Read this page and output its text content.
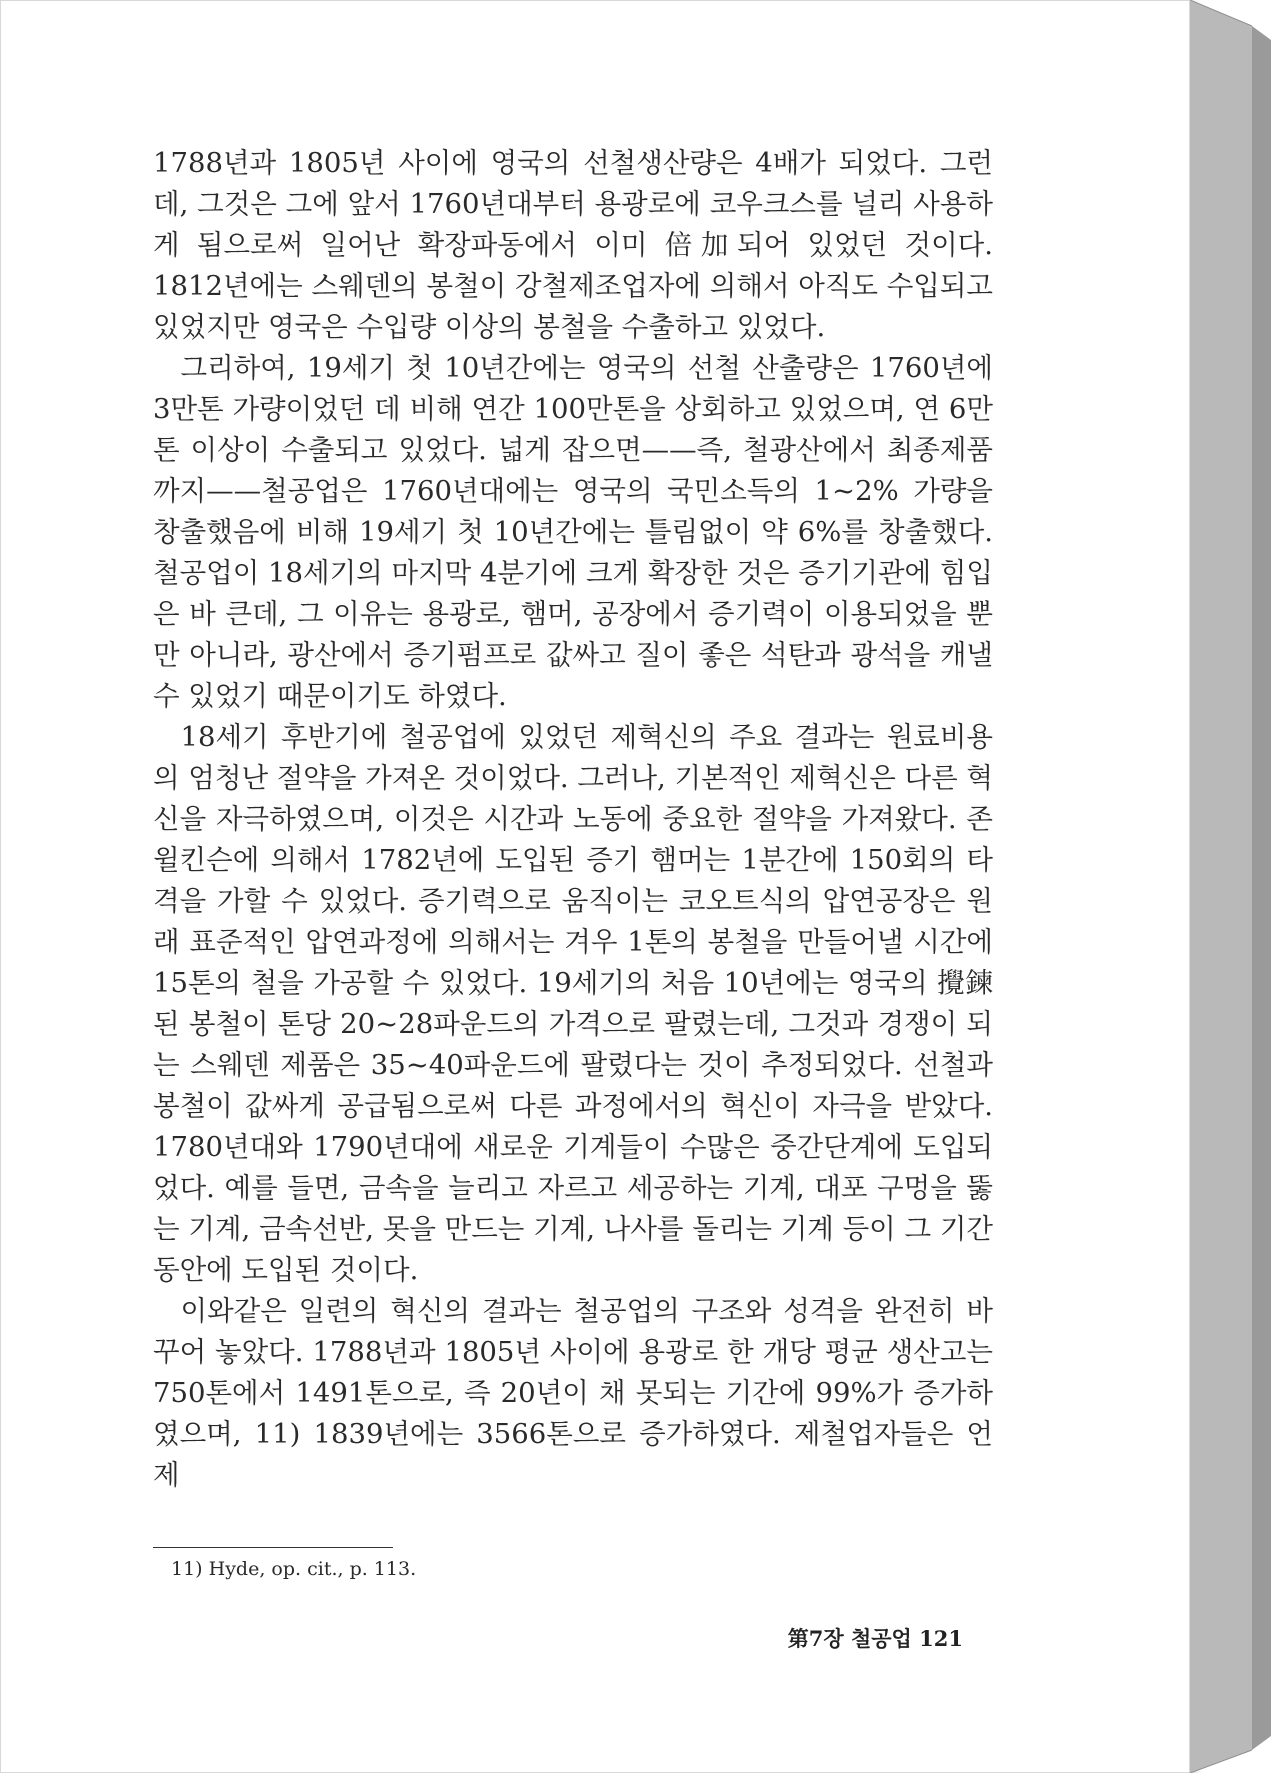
1788년과 1805년 사이에 영국의 선철생산량은 4배가 되었다. 그런데, 그것은 그에 앞서 1760년대부터 용광로에 코우크스를 널리 사용하게 됨으로써 일어난 확장파동에서 이미 倍加되어 있었던 것이다. 1812년에는 스웨덴의 봉철이 강철제조업자에 의해서 아직도 수입되고 있었지만 영국은 수입량 이상의 봉철을 수출하고 있었다.

그리하여, 19세기 첫 10년간에는 영국의 선철 산출량은 1760년에 3만톤 가량이었던 데 비해 연간 100만톤을 상회하고 있었으며, 연 6만톤 이상이 수출되고 있었다. 넓게 잡으면——즉, 철광산에서 최종제품까지——철공업은 1760년대에는 영국의 국민소득의 1~2% 가량을 창출했음에 비해 19세기 첫 10년간에는 틀림없이 약 6%를 창출했다. 철공업이 18세기의 마지막 4분기에 크게 확장한 것은 증기기관에 힘입은 바 큰데, 그 이유는 용광로, 햄머, 공장에서 증기력이 이용되었을 뿐만 아니라, 광산에서 증기펌프로 값싸고 질이 좋은 석탄과 광석을 캐낼 수 있었기 때문이기도 하였다.

18세기 후반기에 철공업에 있었던 제혁신의 주요 결과는 원료비용의 엄청난 절약을 가져온 것이었다. 그러나, 기본적인 제혁신은 다른 혁신을 자극하였으며, 이것은 시간과 노동에 중요한 절약을 가져왔다. 존 윌킨슨에 의해서 1782년에 도입된 증기 햄머는 1분간에 150회의 타격을 가할 수 있었다. 증기력으로 움직이는 코오트식의 압연공장은 원래 표준적인 압연과정에 의해서는 겨우 1톤의 봉철을 만들어낼 시간에 15톤의 철을 가공할 수 있었다. 19세기의 처음 10년에는 영국의 攪鍊된 봉철이 톤당 20~28파운드의 가격으로 팔렸는데, 그것과 경쟁이 되는 스웨덴 제품은 35~40파운드에 팔렸다는 것이 추정되었다. 선철과 봉철이 값싸게 공급됨으로써 다른 과정에서의 혁신이 자극을 받았다. 1780년대와 1790년대에 새로운 기계들이 수많은 중간단계에 도입되었다. 예를 들면, 금속을 늘리고 자르고 세공하는 기계, 대포 구멍을 뚫는 기계, 금속선반, 못을 만드는 기계, 나사를 돌리는 기계 등이 그 기간 동안에 도입된 것이다.

이와같은 일련의 혁신의 결과는 철공업의 구조와 성격을 완전히 바꾸어 놓았다. 1788년과 1805년 사이에 용광로 한 개당 평균 생산고는 750톤에서 1491톤으로, 즉 20년이 채 못되는 기간에 99%가 증가하였으며, 11) 1839년에는 3566톤으로 증가하였다. 제철업자들은 언제

11) Hyde, op. cit., p. 113.
第7장 철공업 121
